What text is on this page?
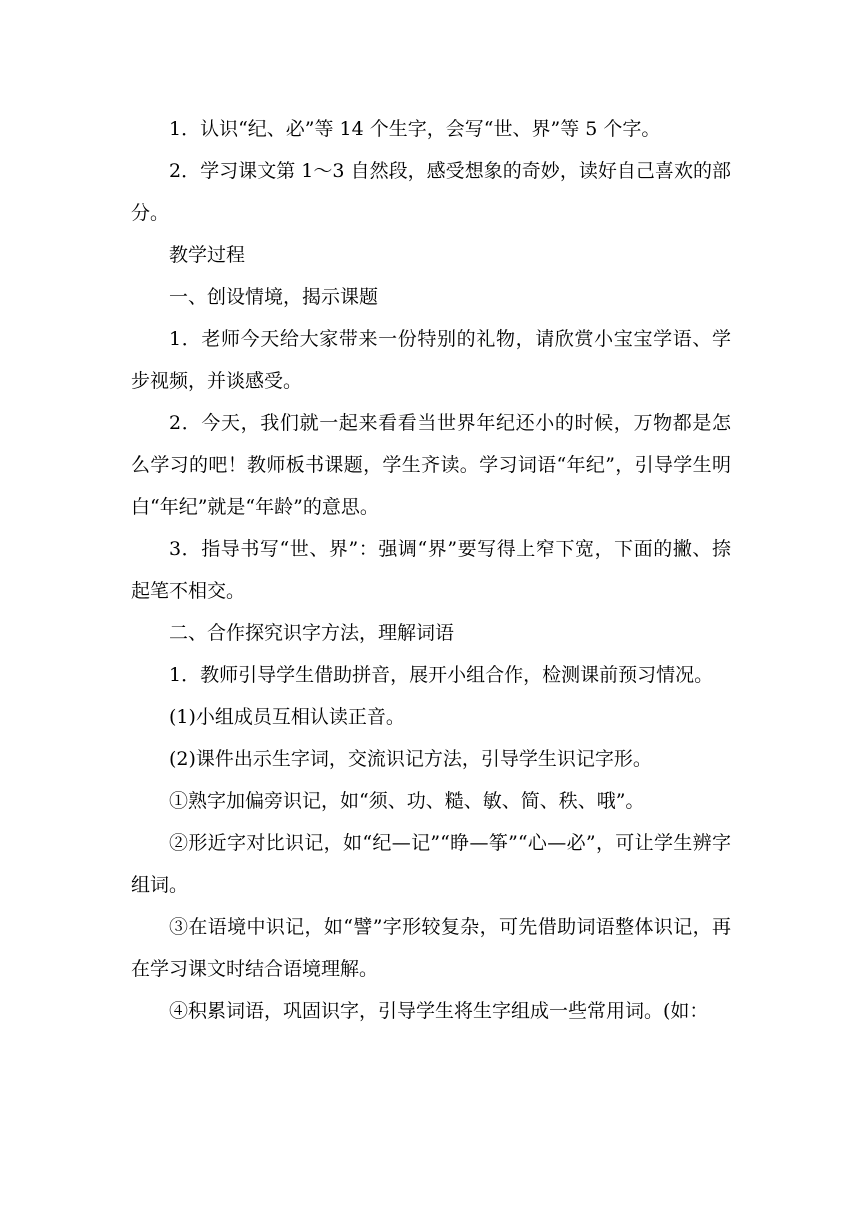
1．认识“纪、必”等 14 个生字，会写“世、界”等 5 个字。

2．学习课文第 1～3 自然段，感受想象的奇妙，读好自己喜欢的部分。

教学过程

一、创设情境，揭示课题

1．老师今天给大家带来一份特别的礼物，请欣赏小宝宝学语、学步视频，并谈感受。

2．今天，我们就一起来看看当世界年纪还小的时候，万物都是怎么学习的吧！教师板书课题，学生齐读。学习词语“年纪”，引导学生明白“年纪”就是“年龄”的意思。

3．指导书写“世、界”：强调“界”要写得上窄下宽，下面的撇、捺起笔不相交。

二、合作探究识字方法，理解词语

1．教师引导学生借助拼音，展开小组合作，检测课前预习情况。

(1)小组成员互相认读正音。

(2)课件出示生字词，交流识记方法，引导学生识记字形。

①熟字加偏旁识记，如“须、功、糙、敏、简、秩、哦”。

②形近字对比识记，如“纪—记”“睁—筝”“心—必”，可让学生辨字组词。

③在语境中识记，如“譬”字形较复杂，可先借助词语整体识记，再在学习课文时结合语境理解。

④积累词语，巩固识字，引导学生将生字组成一些常用词。(如：
